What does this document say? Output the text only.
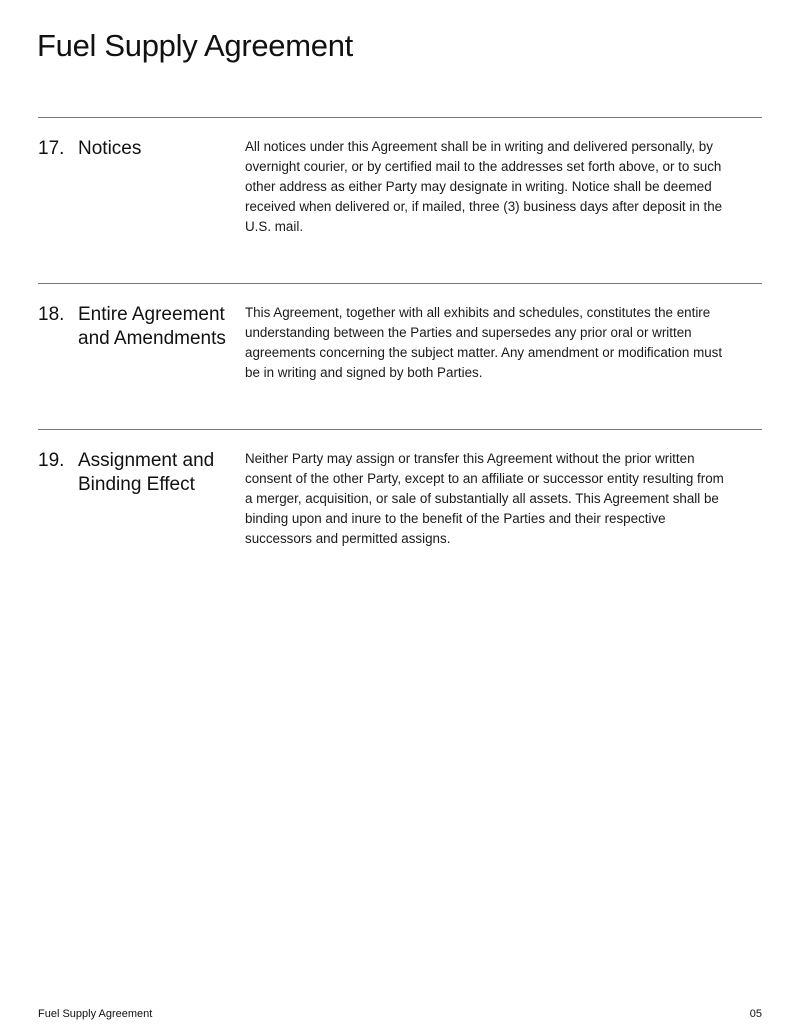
Fuel Supply Agreement
17. Notices	All notices under this Agreement shall be in writing and delivered personally, by overnight courier, or by certified mail to the addresses set forth above, or to such other address as either Party may designate in writing. Notice shall be deemed received when delivered or, if mailed, three (3) business days after deposit in the U.S. mail.
18. Entire Agreement and Amendments
This Agreement, together with all exhibits and schedules, constitutes the entire understanding between the Parties and supersedes any prior oral or written agreements concerning the subject matter. Any amendment or modification must be in writing and signed by both Parties.
19. Assignment and Binding Effect
Neither Party may assign or transfer this Agreement without the prior written consent of the other Party, except to an affiliate or successor entity resulting from a merger, acquisition, or sale of substantially all assets. This Agreement shall be binding upon and inure to the benefit of the Parties and their respective successors and permitted assigns.
Fuel Supply Agreement	05
